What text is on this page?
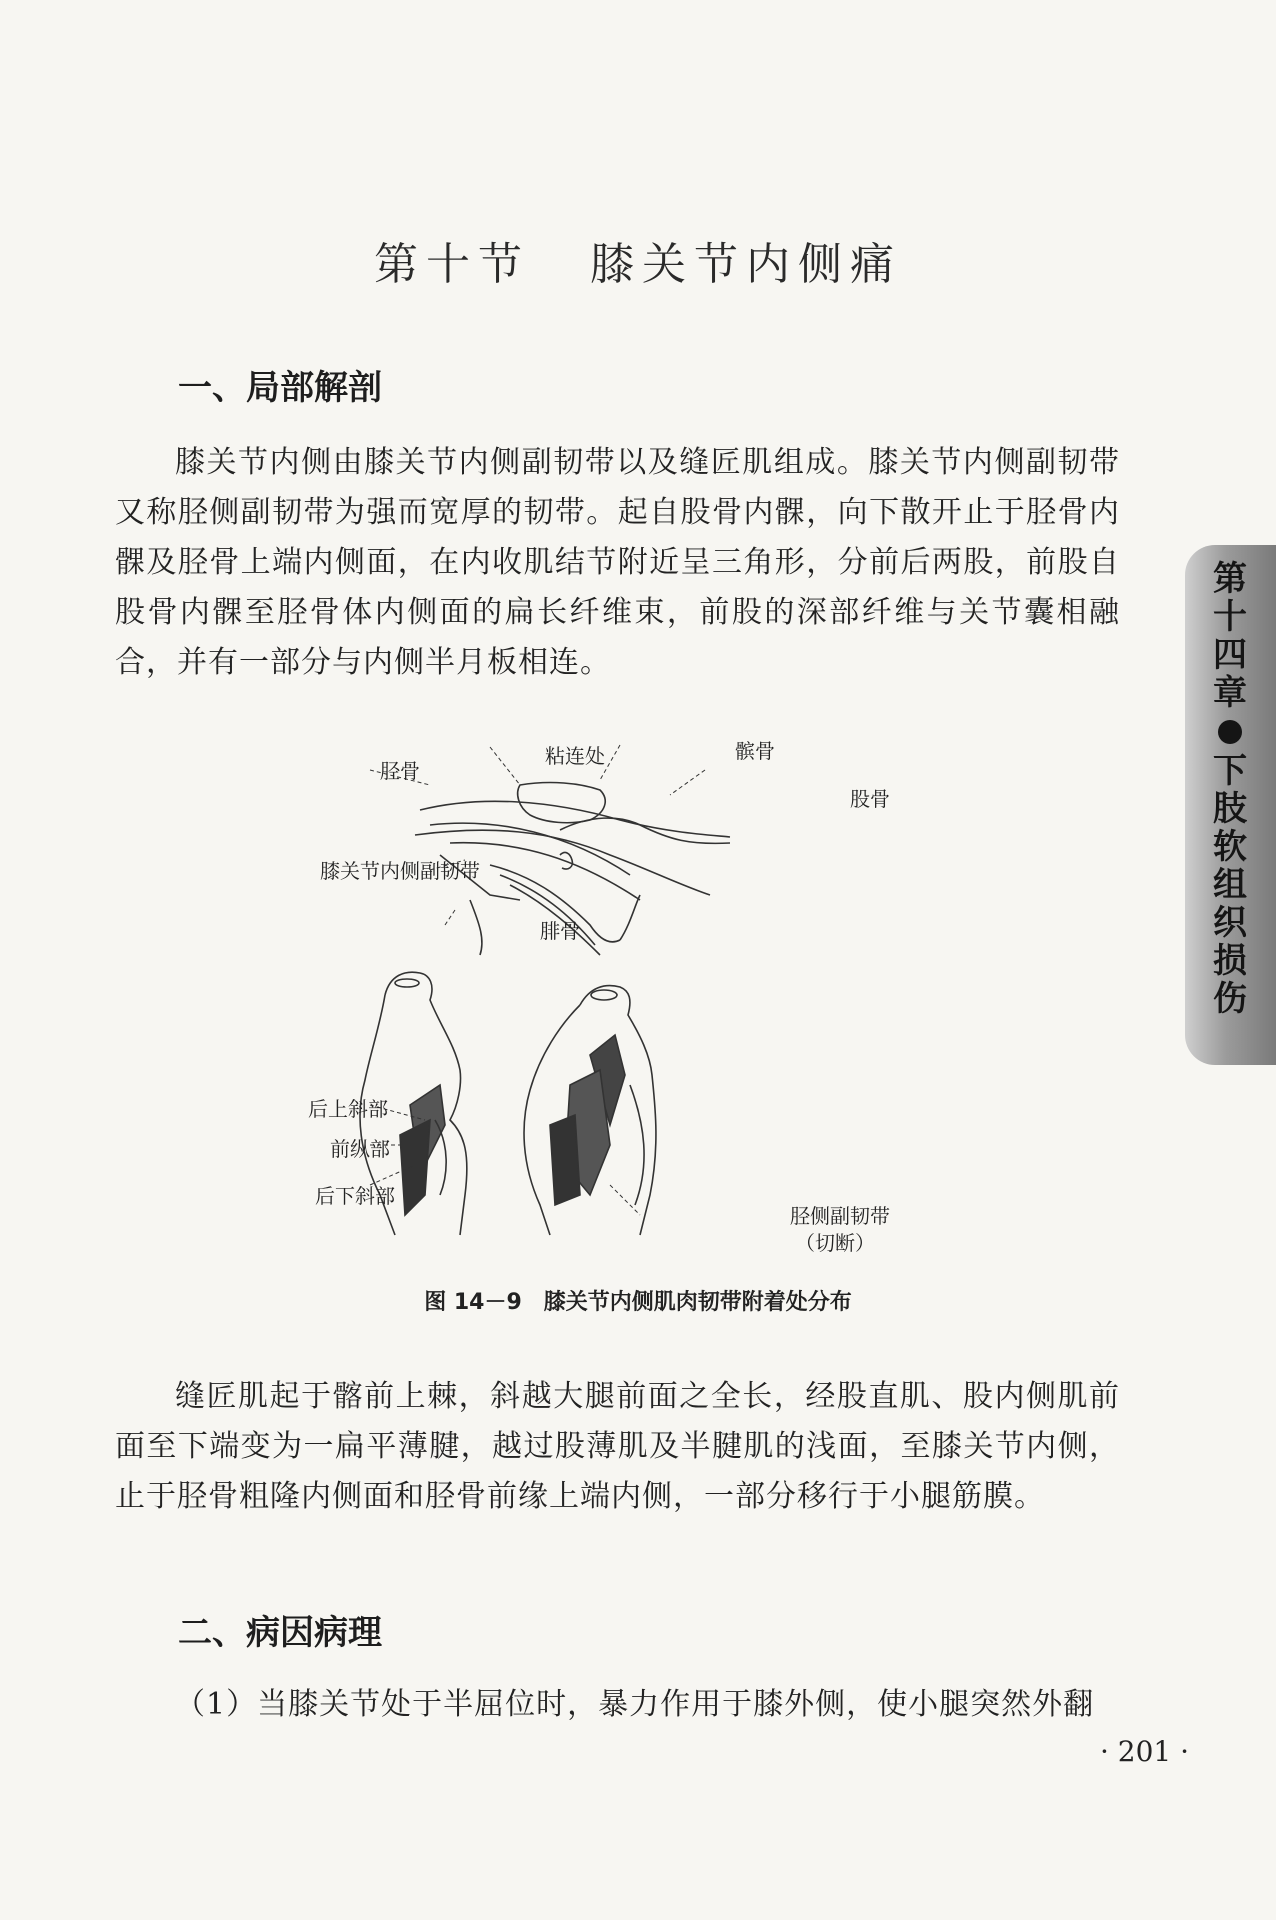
第十节 膝关节内侧痛
一、局部解剖

膝关节内侧由膝关节内侧副韧带以及缝匠肌组成。膝关节内侧副韧带又称胫侧副韧带为强而宽厚的韧带。起自股骨内髁，向下散开止于胫骨内髁及胫骨上端内侧面，在内收肌结节附近呈三角形，分前后两股，前股自股骨内髁至胫骨体内侧面的扁长纤维束，前股的深部纤维与关节囊相融合，并有一部分与内侧半月板相连。

胫骨
粘连处	髌骨
股骨
膝关节内侧副韧带
腓骨
后上斜部
前纵部
后下斜部
胫侧副韧带
（切断）
图 14－9 膝关节内侧肌肉韧带附着处分布

缝匠肌起于髂前上棘，斜越大腿前面之全长，经股直肌、股内侧肌前面至下端变为一扁平薄腱，越过股薄肌及半腱肌的浅面，至膝关节内侧，止于胫骨粗隆内侧面和胫骨前缘上端内侧，一部分移行于小腿筋膜。

二、病因病理

（1）当膝关节处于半屈位时，暴力作用于膝外侧，使小腿突然外翻

第十四章
下肢软组织损伤
· 201 ·
